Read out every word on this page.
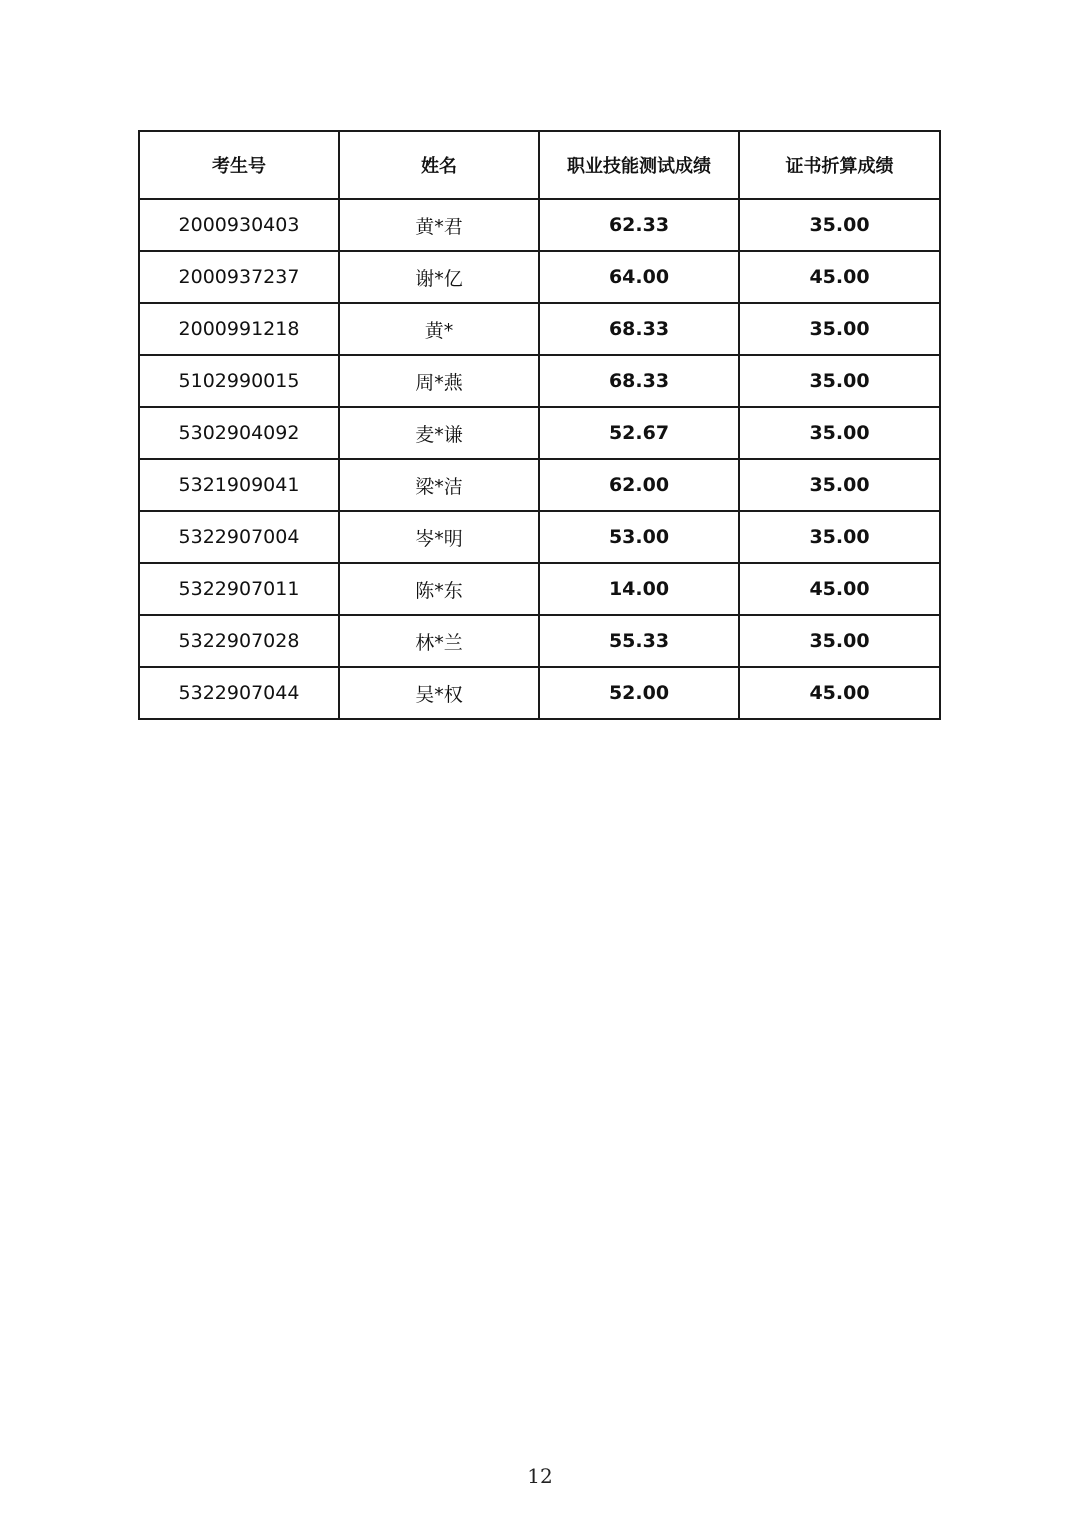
考生号	姓名	职业技能测试成绩	证书折算成绩
2000930403	黄*君	62.33	35.00
2000937237	谢*亿	64.00	45.00
2000991218	黄*	68.33	35.00
5102990015	周*燕	68.33	35.00
5302904092	麦*谦	52.67	35.00
5321909041	梁*洁	62.00	35.00
5322907004	岑*明	53.00	35.00
5322907011	陈*东	14.00	45.00
5322907028	林*兰	55.33	35.00
5322907044	吴*权	52.00	45.00
12
